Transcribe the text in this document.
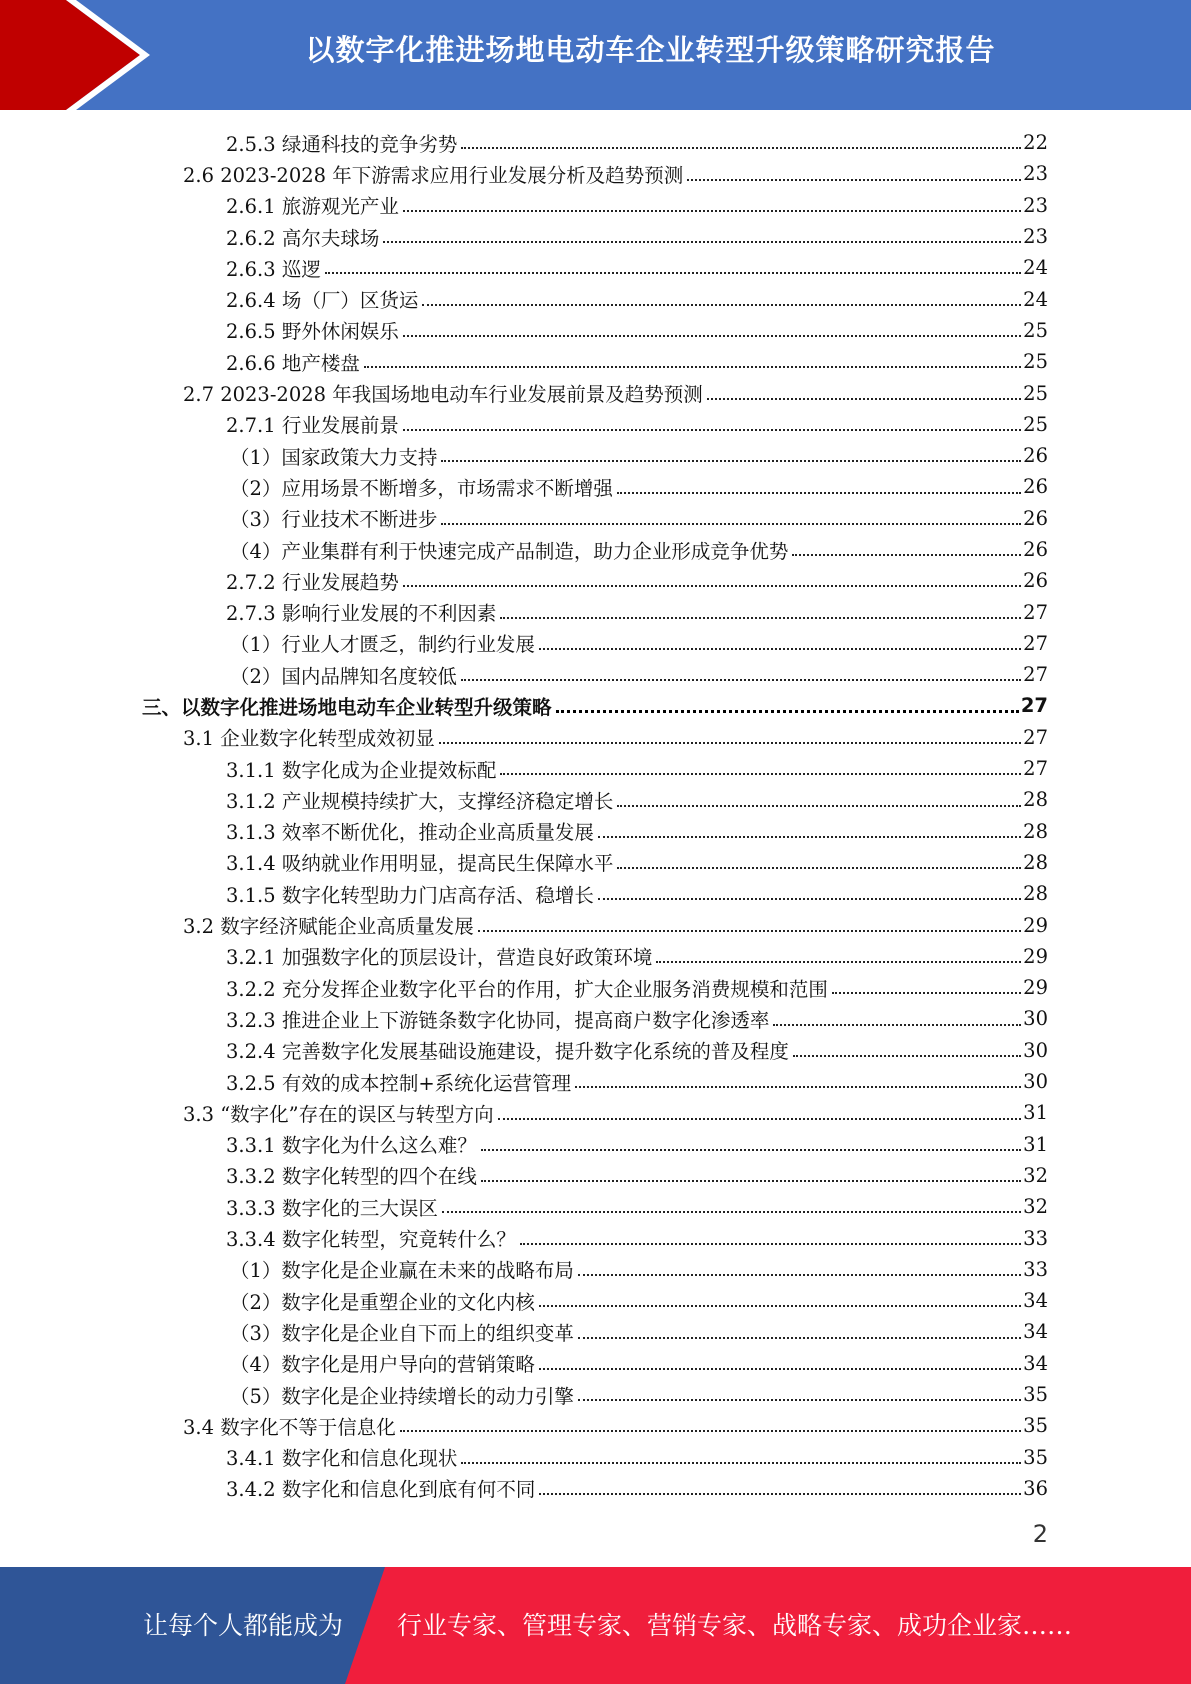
以数字化推进场地电动车企业转型升级策略研究报告
2.5.3 绿通科技的竞争劣势	22
2.6 2023-2028 年下游需求应用行业发展分析及趋势预测	23
2.6.1 旅游观光产业	23
2.6.2 高尔夫球场	23
2.6.3 巡逻	24
2.6.4 场（厂）区货运	24
2.6.5 野外休闲娱乐	25
2.6.6 地产楼盘	25
2.7 2023-2028 年我国场地电动车行业发展前景及趋势预测	25
2.7.1 行业发展前景	25
（1）国家政策大力支持	26
（2）应用场景不断增多，市场需求不断增强	26
（3）行业技术不断进步	26
（4）产业集群有利于快速完成产品制造，助力企业形成竞争优势	26
2.7.2 行业发展趋势	26
2.7.3 影响行业发展的不利因素	27
（1）行业人才匮乏，制约行业发展	27
（2）国内品牌知名度较低	27
三、以数字化推进场地电动车企业转型升级策略	27
3.1 企业数字化转型成效初显	27
3.1.1 数字化成为企业提效标配	27
3.1.2 产业规模持续扩大，支撑经济稳定增长	28
3.1.3 效率不断优化，推动企业高质量发展	28
3.1.4 吸纳就业作用明显，提高民生保障水平	28
3.1.5 数字化转型助力门店高存活、稳增长	28
3.2 数字经济赋能企业高质量发展	29
3.2.1 加强数字化的顶层设计，营造良好政策环境	29
3.2.2 充分发挥企业数字化平台的作用，扩大企业服务消费规模和范围	29
3.2.3 推进企业上下游链条数字化协同，提高商户数字化渗透率	30
3.2.4 完善数字化发展基础设施建设，提升数字化系统的普及程度	30
3.2.5 有效的成本控制+系统化运营管理	30
3.3 “数字化”存在的误区与转型方向	31
3.3.1 数字化为什么这么难？	31
3.3.2 数字化转型的四个在线	32
3.3.3 数字化的三大误区	32
3.3.4 数字化转型，究竟转什么？	33
（1）数字化是企业赢在未来的战略布局	33
（2）数字化是重塑企业的文化内核	34
（3）数字化是企业自下而上的组织变革	34
（4）数字化是用户导向的营销策略	34
（5）数字化是企业持续增长的动力引擎	35
3.4 数字化不等于信息化	35
3.4.1 数字化和信息化现状	35
3.4.2 数字化和信息化到底有何不同	36
2
让每个人都能成为 行业专家、管理专家、营销专家、战略专家、成功企业家……
